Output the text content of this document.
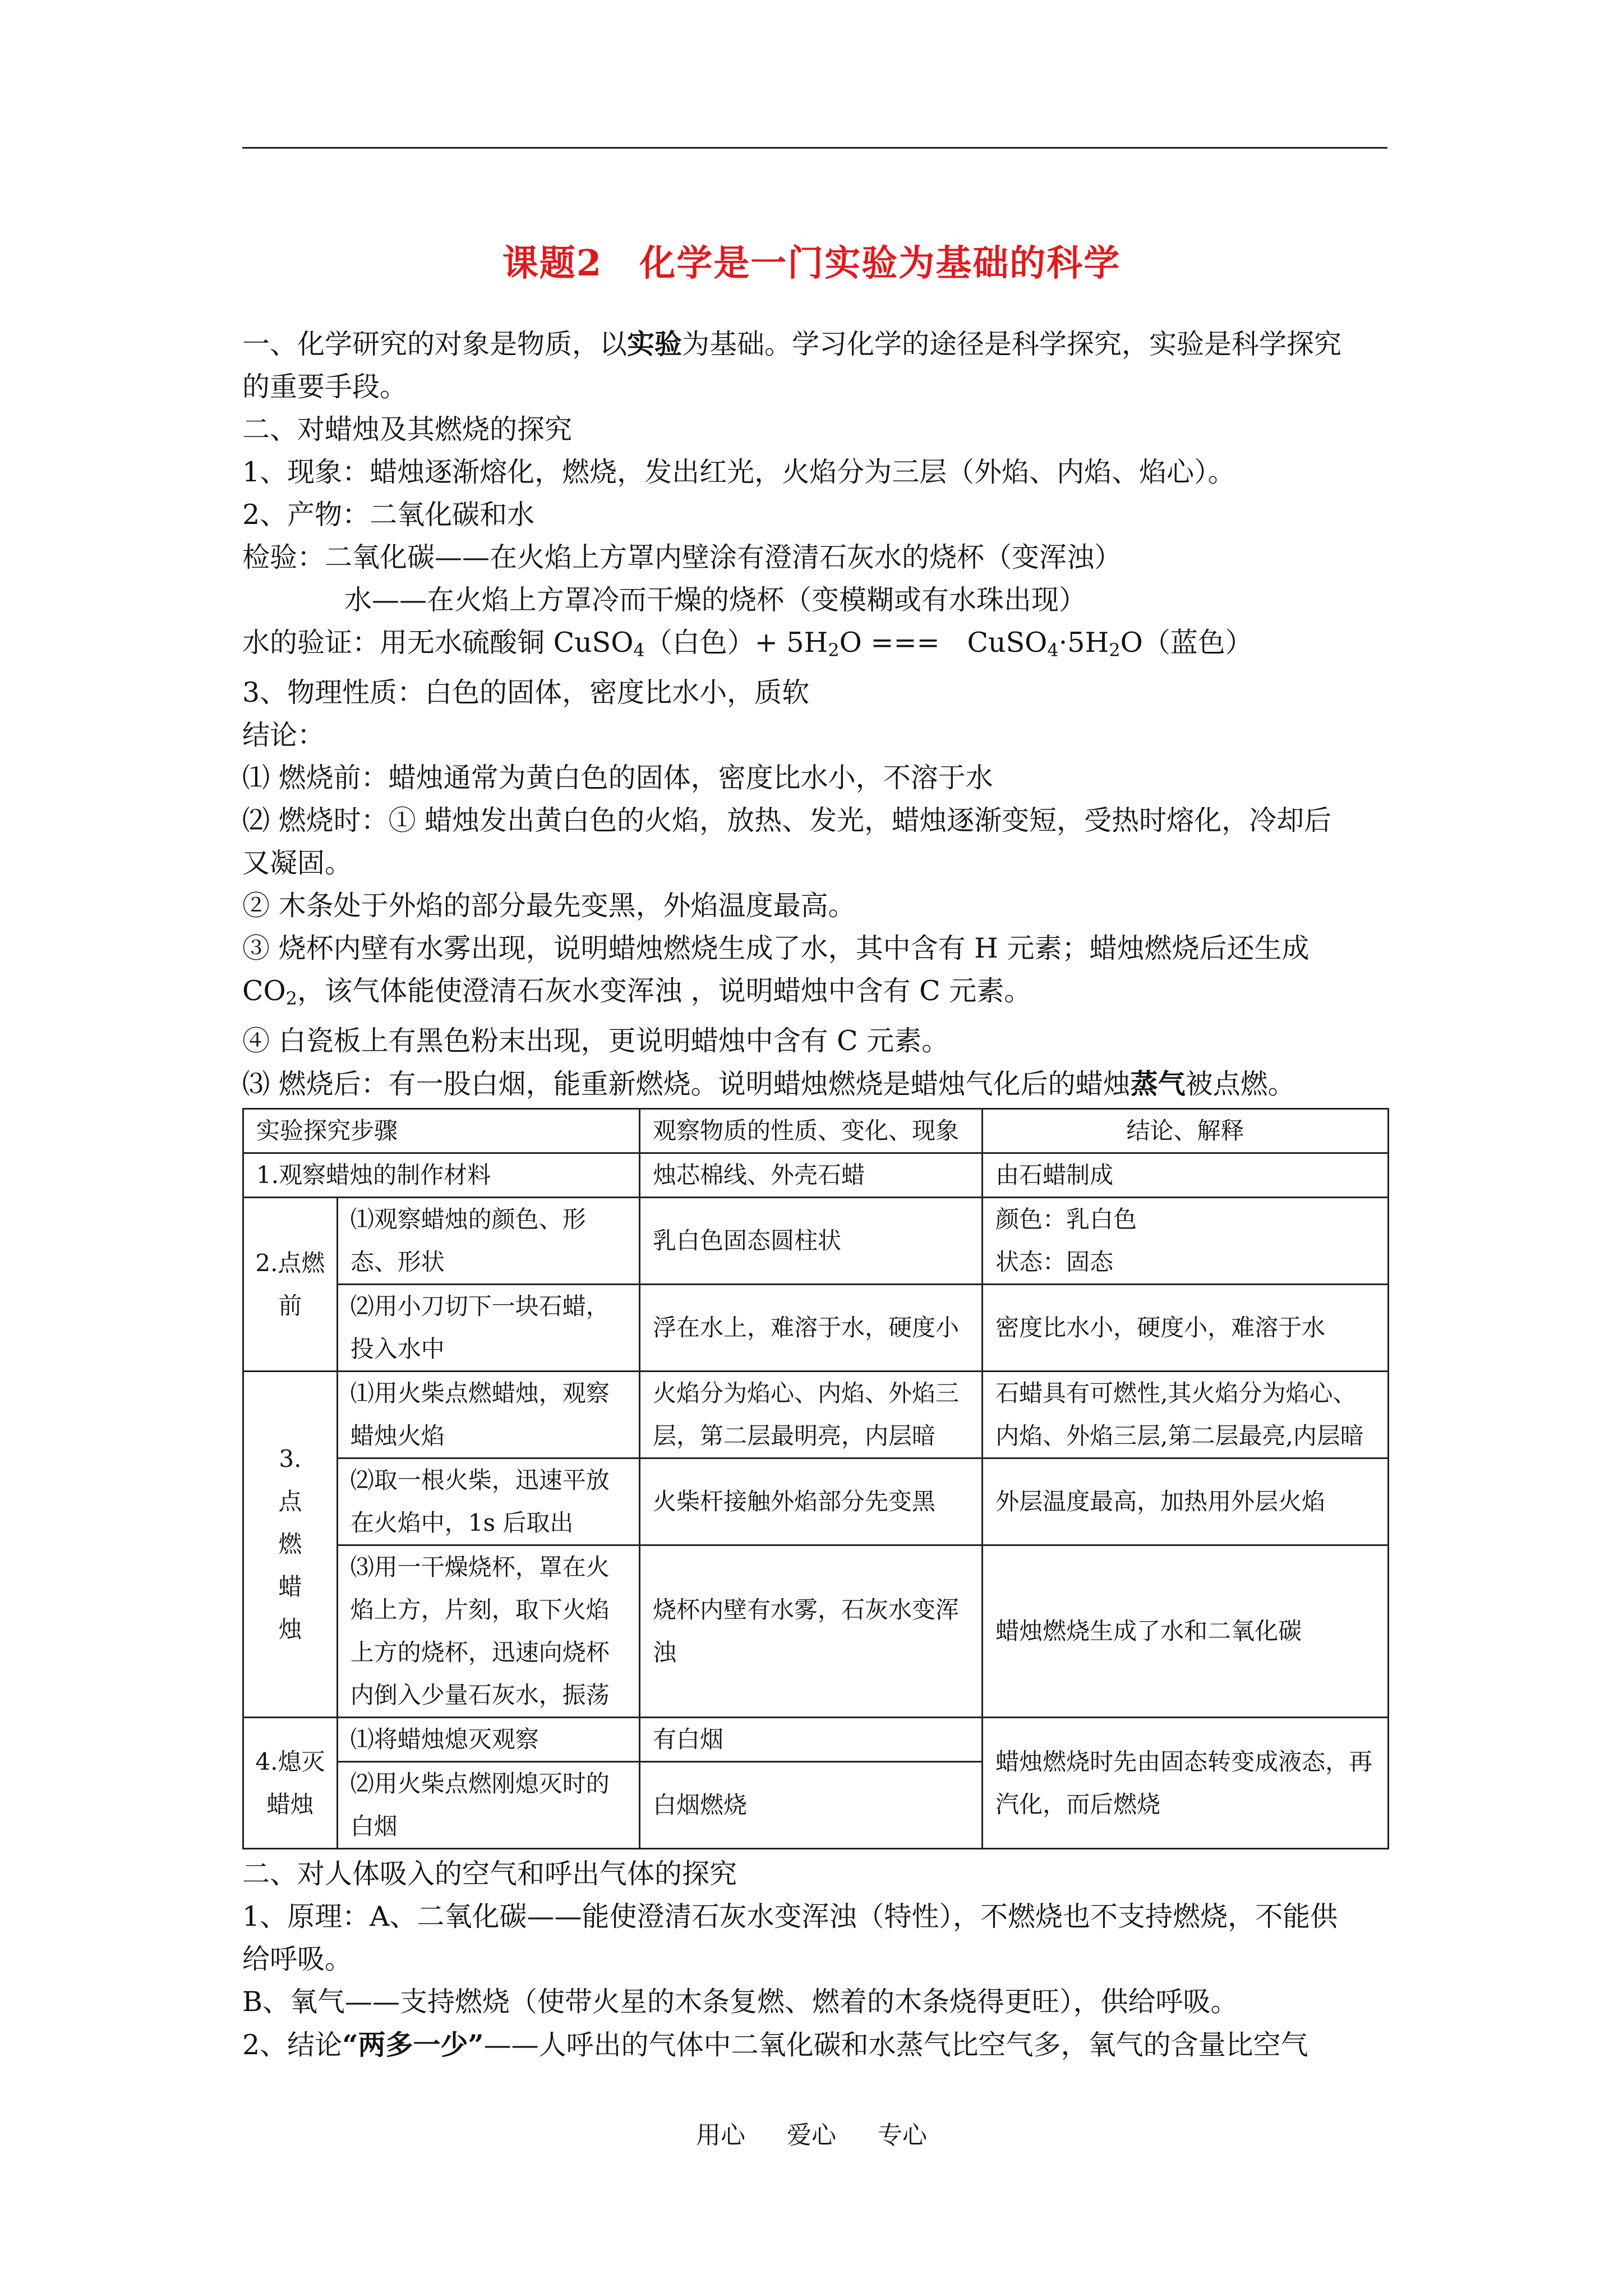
课题2　化学是一门实验为基础的科学
一、化学研究的对象是物质，以实验为基础。学习化学的途径是科学探究，实验是科学探究
的重要手段。
二、对蜡烛及其燃烧的探究
1、现象：蜡烛逐渐熔化，燃烧，发出红光，火焰分为三层（外焰、内焰、焰心）。
2、产物：二氧化碳和水
检验：二氧化碳——在火焰上方罩内壁涂有澄清石灰水的烧杯（变浑浊）
水——在火焰上方罩冷而干燥的烧杯（变模糊或有水珠出现）
水的验证：用无水硫酸铜 CuSO$_4$（白色）+ $5H_2O$ ===　$CuSO_4\cdot 5H_2O$（蓝色）
3、物理性质：白色的固体，密度比水小，质软
结论：
⑴ 燃烧前：蜡烛通常为黄白色的固体，密度比水小，不溶于水
⑵ 燃烧时：① 蜡烛发出黄白色的火焰，放热、发光，蜡烛逐渐变短，受热时熔化，冷却后
又凝固。
② 木条处于外焰的部分最先变黑，外焰温度最高。
③ 烧杯内壁有水雾出现，说明蜡烛燃烧生成了水，其中含有 H 元素；蜡烛燃烧后还生成
$CO_2$，该气体能使澄清石灰水变浑浊 ，说明蜡烛中含有 C 元素。
④ 白瓷板上有黑色粉末出现，更说明蜡烛中含有 C 元素。
⑶ 燃烧后：有一股白烟，能重新燃烧。说明蜡烛燃烧是蜡烛气化后的蜡烛蒸气被点燃。
实验探究步骤		观察物质的性质、变化、现象	结论、解释
1.观察蜡烛的制作材料		烛芯棉线、外壳石蜡	由石蜡制成
2.点燃前	⑴观察蜡烛的颜色、形态、形状	乳白色固态圆柱状	颜色：乳白色
状态：固态

	⑵用小刀切下一块石蜡，投入水中	浮在水上，难溶于水，硬度小	密度比水小，硬度小，难溶于水

3.
点
燃
蜡
烛	⑴用火柴点燃蜡烛，观察蜡烛火焰	火焰分为焰心、内焰、外焰三层，第二层最明亮，内层暗	石蜡具有可燃性,其火焰分为焰心、内焰、外焰三层,第二层最亮,内层暗
	⑵取一根火柴，迅速平放在火焰中，1s 后取出	火柴杆接触外焰部分先变黑	外层温度最高，加热用外层火焰
	⑶用一干燥烧杯，罩在火焰上方，片刻，取下火焰上方的烧杯，迅速向烧杯内倒入少量石灰水，振荡	烧杯内壁有水雾，石灰水变浑浊	蜡烛燃烧生成了水和二氧化碳
4.熄灭蜡烛	⑴将蜡烛熄灭观察	有白烟	蜡烛燃烧时先由固态转变成液态，再汽化，而后燃烧
	⑵用火柴点燃刚熄灭时的白烟	白烟燃烧	
二、对人体吸入的空气和呼出气体的探究
1、原理：A、二氧化碳——能使澄清石灰水变浑浊（特性），不燃烧也不支持燃烧，不能供
给呼吸。
B、氧气——支持燃烧（使带火星的木条复燃、燃着的木条烧得更旺），供给呼吸。
2、结论“两多一少”——人呼出的气体中二氧化碳和水蒸气比空气多，氧气的含量比空气
用心 爱心 专心
